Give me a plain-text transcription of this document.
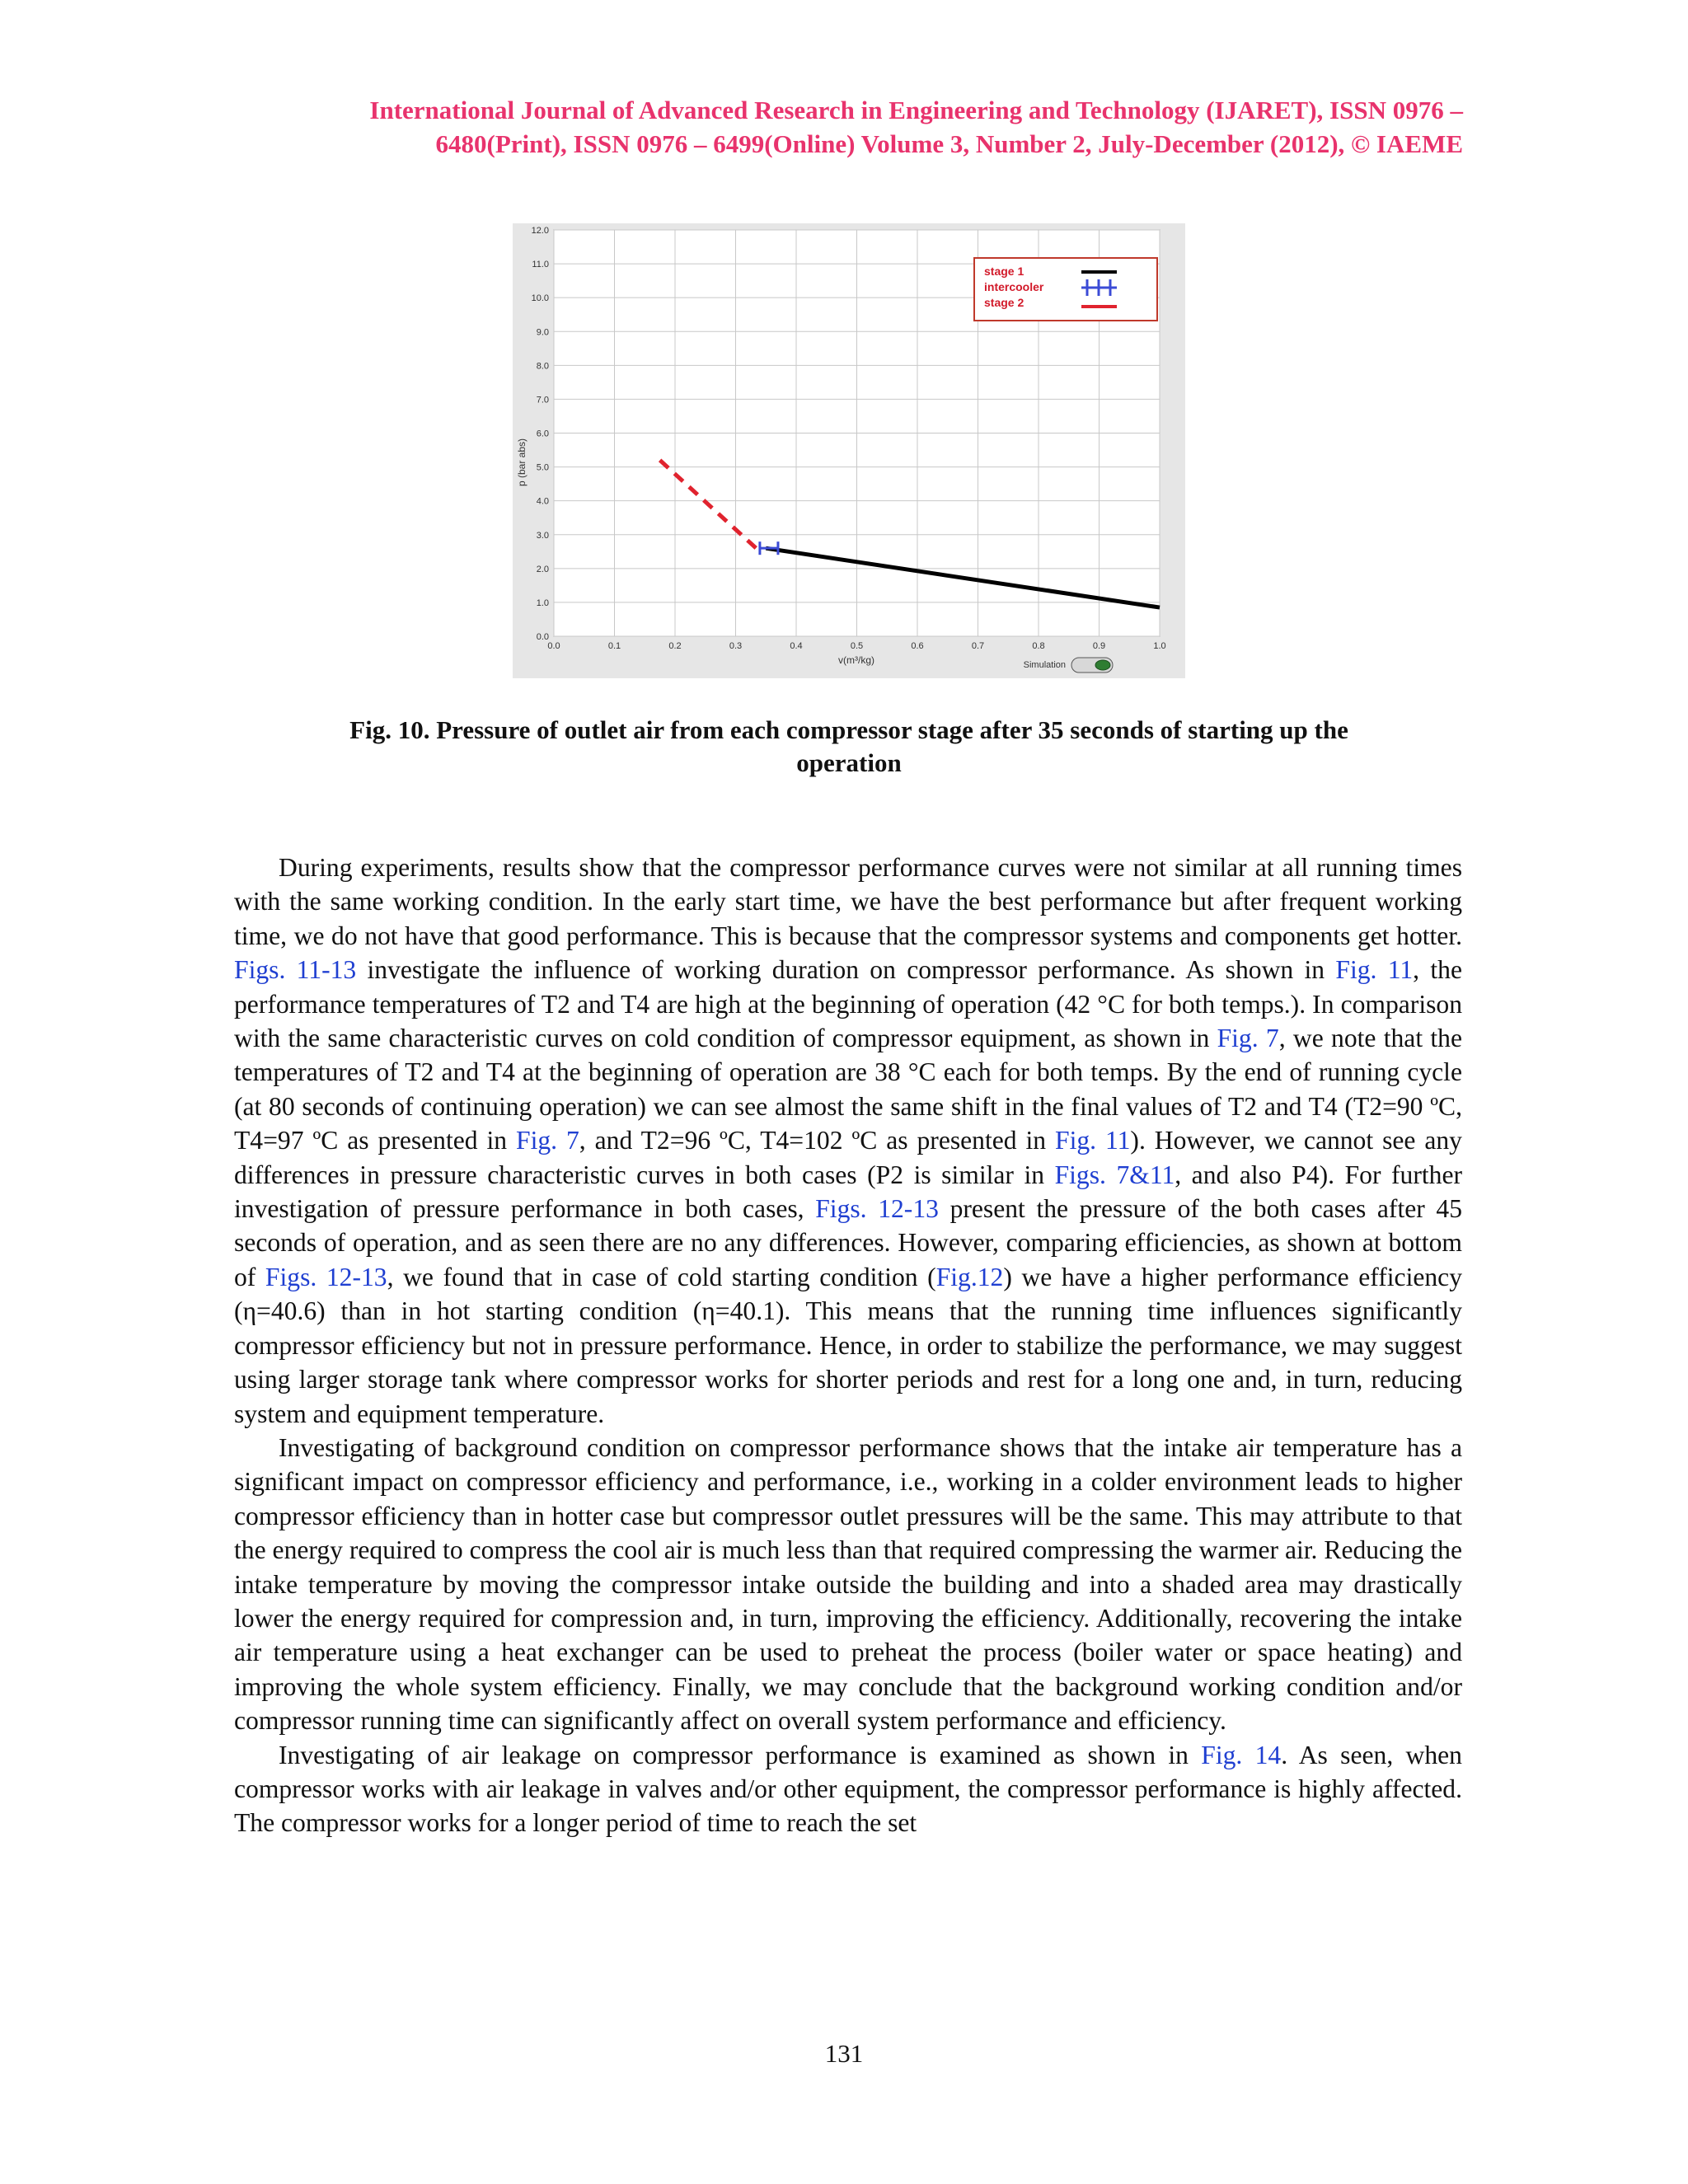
International Journal of Advanced Research in Engineering and Technology (IJARET), ISSN 0976 –
6480(Print), ISSN 0976 – 6499(Online) Volume 3, Number 2, July-December (2012), © IAEME
0.0	0.1	0.2	0.3	0.4	0.5	0.6	0.7	0.8	0.9	1.0
0.0
1.0
2.0
3.0
4.0
5.0
6.0
7.0
8.0
9.0
10.0
11.0
12.0
p (bar abs)
v(m³/kg)
stage 1
intercooler
stage 2
Simulation
Fig. 10. Pressure of outlet air from each compressor stage after 35 seconds of starting up the
operation

During experiments, results show that the compressor performance curves were not similar at all running times with the same working condition. In the early start time, we have the best performance but after frequent working time, we do not have that good performance. This is because that the compressor systems and components get hotter. Figs. 11-13 investigate the influence of working duration on compressor performance. As shown in Fig. 11, the performance temperatures of T2 and T4 are high at the beginning of operation (42 °C for both temps.). In comparison with the same characteristic curves on cold condition of compressor equipment, as shown in Fig. 7, we note that the temperatures of T2 and T4 at the beginning of operation are 38 °C each for both temps. By the end of running cycle (at 80 seconds of continuing operation) we can see almost the same shift in the final values of T2 and T4 (T2=90 ºC, T4=97 ºC as presented in Fig. 7, and T2=96 ºC, T4=102 ºC as presented in Fig. 11). However, we cannot see any differences in pressure characteristic curves in both cases (P2 is similar in Figs. 7&11, and also P4). For further investigation of pressure performance in both cases, Figs. 12-13 present the pressure of the both cases after 45 seconds of operation, and as seen there are no any differences. However, comparing efficiencies, as shown at bottom of Figs. 12-13, we found that in case of cold starting condition (Fig.12) we have a higher performance efficiency (η=40.6) than in hot starting condition (η=40.1). This means that the running time influences significantly compressor efficiency but not in pressure performance. Hence, in order to stabilize the performance, we may suggest using larger storage tank where compressor works for shorter periods and rest for a long one and, in turn, reducing system and equipment temperature.

Investigating of background condition on compressor performance shows that the intake air temperature has a significant impact on compressor efficiency and performance, i.e., working in a colder environment leads to higher compressor efficiency than in hotter case but compressor outlet pressures will be the same. This may attribute to that the energy required to compress the cool air is much less than that required compressing the warmer air. Reducing the intake temperature by moving the compressor intake outside the building and into a shaded area may drastically lower the energy required for compression and, in turn, improving the efficiency. Additionally, recovering the intake air temperature using a heat exchanger can be used to preheat the process (boiler water or space heating) and improving the whole system efficiency. Finally, we may conclude that the background working condition and/or compressor running time can significantly affect on overall system performance and efficiency.

Investigating of air leakage on compressor performance is examined as shown in Fig. 14. As seen, when compressor works with air leakage in valves and/or other equipment, the compressor performance is highly affected. The compressor works for a longer period of time to reach the set

131
